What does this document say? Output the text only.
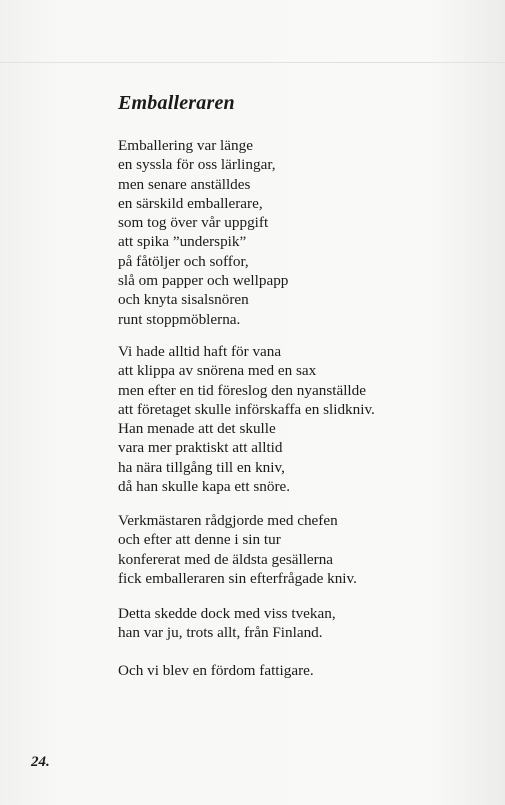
Emballeraren
Emballering var länge
en syssla för oss lärlingar,
men senare anställdes
en särskild emballerare,
som tog över vår uppgift
att spika ”underspik”
på fåtöljer och soffor,
slå om papper och wellpapp
och knyta sisalsnören
runt stoppmöblerna.
Vi hade alltid haft för vana
att klippa av snörena med en sax
men efter en tid föreslog den nyanställde
att företaget skulle införskaffa en slidkniv.
Han menade att det skulle
vara mer praktiskt att alltid
ha nära tillgång till en kniv,
då han skulle kapa ett snöre.
Verkmästaren rådgjorde med chefen
och efter att denne i sin tur
konfererat med de äldsta gesällerna
fick emballeraren sin efterfrågade kniv.
Detta skedde dock med viss tvekan,
han var ju, trots allt, från Finland.
Och vi blev en fördom fattigare.
24.
